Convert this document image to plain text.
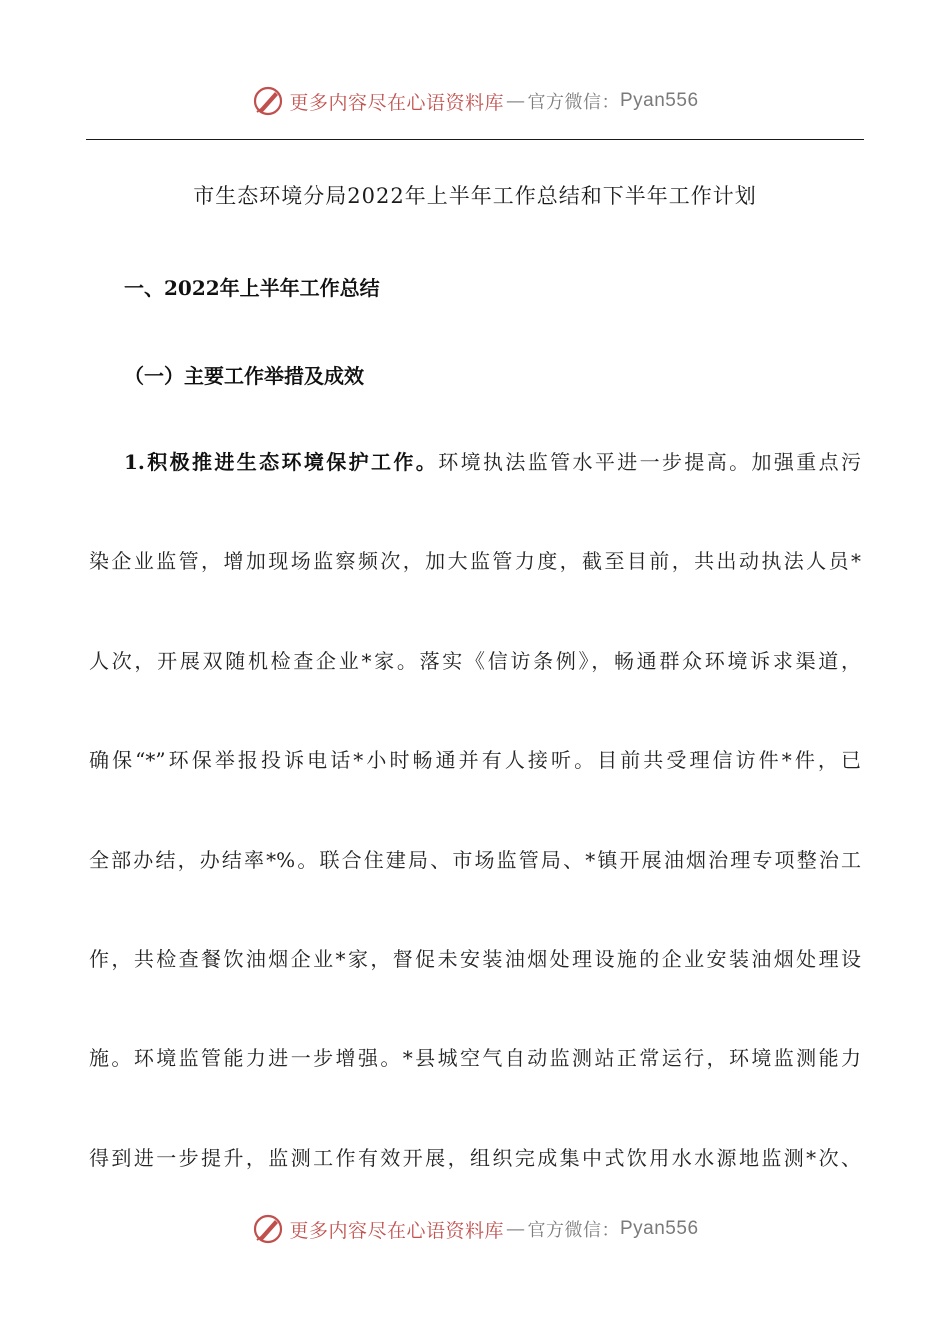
更多内容尽在心语资料库 — 官方微信： Pyan556
市生态环境分局2022年上半年工作总结和下半年工作计划
一、2022年上半年工作总结
（一）主要工作举措及成效
1.积极推进生态环境保护工作。环境执法监管水平进一步提高。加强重点污
染企业监管，增加现场监察频次，加大监管力度，截至目前，共出动执法人员*
人次，开展双随机检查企业*家。落实《信访条例》，畅通群众环境诉求渠道，
确保“*”环保举报投诉电话*小时畅通并有人接听。目前共受理信访件*件，已
全部办结，办结率*%。联合住建局、市场监管局、*镇开展油烟治理专项整治工
作，共检查餐饮油烟企业*家，督促未安装油烟处理设施的企业安装油烟处理设
施。环境监管能力进一步增强。*县城空气自动监测站正常运行，环境监测能力
得到进一步提升，监测工作有效开展，组织完成集中式饮用水水源地监测*次、
更多内容尽在心语资料库 — 官方微信： Pyan556
